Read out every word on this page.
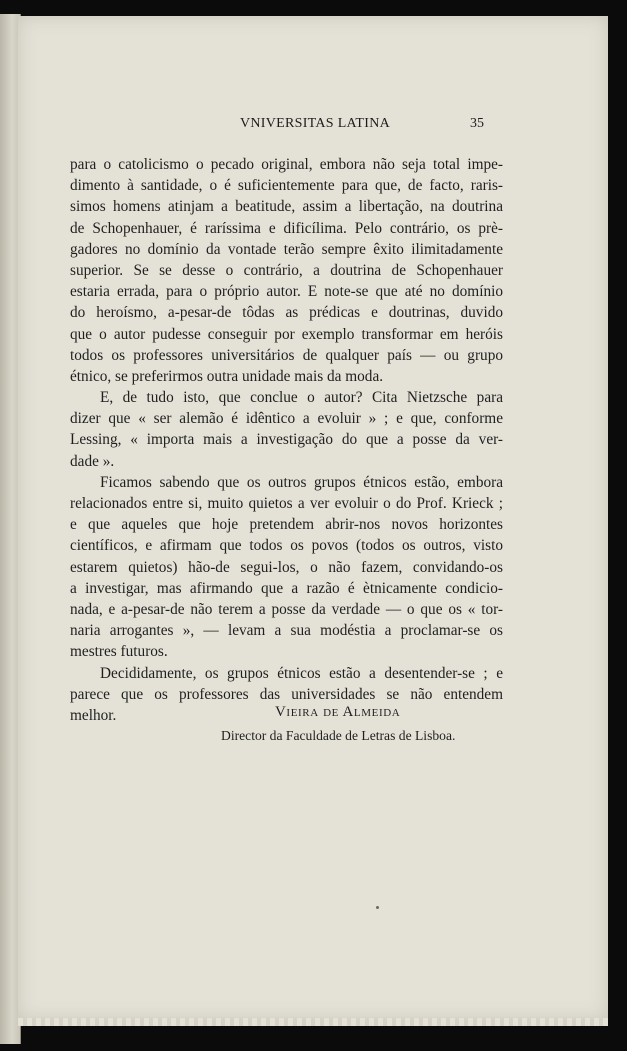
VNIVERSITAS LATINA	35

para o catolicismo o pecado original, embora não seja total impe-
dimento à santidade, o é suficientemente para que, de facto, raris-
simos homens atinjam a beatitude, assim a libertação, na doutrina
de Schopenhauer, é raríssima e dificílima. Pelo contrário, os prè-
gadores no domínio da vontade terão sempre êxito ilimitadamente
superior. Se se desse o contrário, a doutrina de Schopenhauer
estaria errada, para o próprio autor. E note-se que até no domínio
do heroísmo, a-pesar-de tôdas as prédicas e doutrinas, duvido
que o autor pudesse conseguir por exemplo transformar em heróis
todos os professores universitários de qualquer país — ou grupo
étnico, se preferirmos outra unidade mais da moda.

E, de tudo isto, que conclue o autor? Cita Nietzsche para
dizer que « ser alemão é idêntico a evoluir » ; e que, conforme
Lessing, « importa mais a investigação do que a posse da ver-
dade ».

Ficamos sabendo que os outros grupos étnicos estão, embora
relacionados entre si, muito quietos a ver evoluir o do Prof. Krieck ;
e que aqueles que hoje pretendem abrir-nos novos horizontes
científicos, e afirmam que todos os povos (todos os outros, visto
estarem quietos) hão-de segui-los, o não fazem, convidando-os
a investigar, mas afirmando que a razão é ètnicamente condicio-
nada, e a-pesar-de não terem a posse da verdade — o que os « tor-
naria arrogantes », — levam a sua modéstia a proclamar-se os
mestres futuros.

Decididamente, os grupos étnicos estão a desentender-se ; e
parece que os professores das universidades se não entendem
melhor.	Vieira de Almeida
Director da Faculdade de Letras de Lisboa.
